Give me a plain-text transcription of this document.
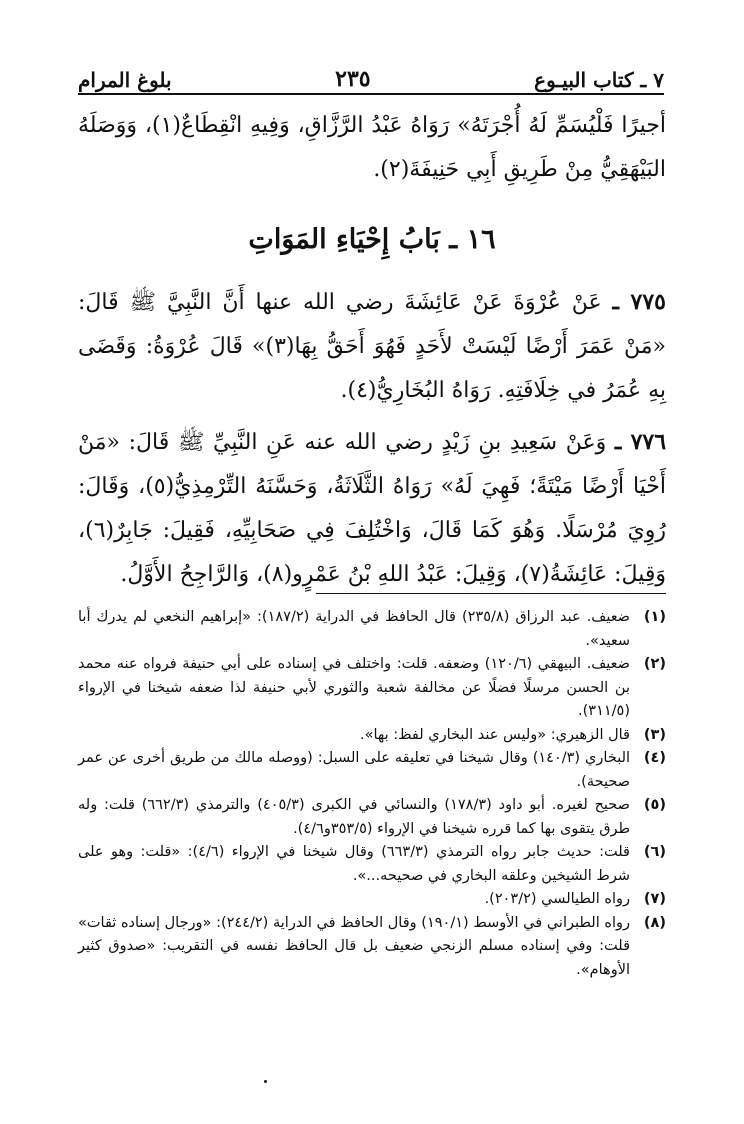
٧ ـ كتاب البيـوع
٢٣٥
بلوغ المرام
أجيرًا فَلْيُسَمِّ لَهُ أُجْرَتَهُ» رَوَاهُ عَبْدُ الرَّزَّاقِ، وَفِيهِ انْقِطَاعٌ(١)، وَوَصَلَهُ البَيْهَقِيُّ مِنْ طَرِيقِ أَبِي حَنِيفَةَ(٢).
١٦ ـ بَابُ إِحْيَاءِ المَوَاتِ
٧٧٥ ـ عَنْ عُرْوَةَ عَنْ عَائِشَةَ رضي الله عنها أَنَّ النَّبِيَّ ﷺ قَالَ: «مَنْ عَمَرَ أَرْضًا لَيْسَتْ لأَحَدٍ فَهُوَ أَحَقُّ بِهَا(٣)» قَالَ عُرْوَةُ: وَقَضَى بِهِ عُمَرُ في خِلَافَتِهِ. رَوَاهُ البُخَارِيُّ(٤).
٧٧٦ ـ وَعَنْ سَعِيدِ بنِ زَيْدٍ رضي الله عنه عَنِ النَّبِيِّ ﷺ قَالَ: «مَنْ أَحْيَا أَرْضًا مَيْتَةً؛ فَهِيَ لَهُ» رَوَاهُ الثَّلَاثَةُ، وَحَسَّنَهُ التِّرْمِذِيُّ(٥)، وَقَالَ: رُوِيَ مُرْسَلًا. وَهُوَ كَمَا قَالَ، وَاخْتُلِفَ فِي صَحَابِيِّهِ، فَقِيلَ: جَابِرٌ(٦)، وَقِيلَ: عَائِشَةُ(٧)، وَقِيلَ: عَبْدُ اللهِ بْنُ عَمْرٍو(٨)، وَالرَّاجِحُ الأَوَّلُ.
(١)
ضعيف. عبد الرزاق (٢٣٥/٨) قال الحافظ في الدراية (١٨٧/٢): «إبراهيم النخعي لم يدرك أبا سعيد».
(٢)
ضعيف. البيهقي (١٢٠/٦) وضعفه. قلت: واختلف في إسناده على أبي حنيفة فرواه عنه محمد بن الحسن مرسلًا فضلًا عن مخالفة شعبة والثوري لأبي حنيفة لذا ضعفه شيخنا في الإرواء (٣١١/٥).
(٣)
قال الزهيري: «وليس عند البخاري لفظ: بها».
(٤)
البخاري (١٤٠/٣) وقال شيخنا في تعليقه على السبل: (ووصله مالك من طريق أخرى عن عمر صحيحة).
(٥)
صحيح لغيره. أبو داود (١٧٨/٣) والنسائي في الكبرى (٤٠٥/٣) والترمذي (٦٦٢/٣) قلت: وله طرق يتقوى بها كما قرره شيخنا في الإرواء (٣٥٣/٥و٤/٦).
(٦)
قلت: حديث جابر رواه الترمذي (٦٦٣/٣) وقال شيخنا في الإرواء (٤/٦): «قلت: وهو على شرط الشيخين وعلقه البخاري في صحيحه...».
(٧)
رواه الطيالسي (٢٠٣/٢).
(٨)
رواه الطبراني في الأوسط (١٩٠/١) وقال الحافظ في الدراية (٢٤٤/٢): «ورجال إسناده ثقات» قلت: وفي إسناده مسلم الزنجي ضعيف بل قال الحافظ نفسه في التقريب: «صدوق كثير الأوهام».
